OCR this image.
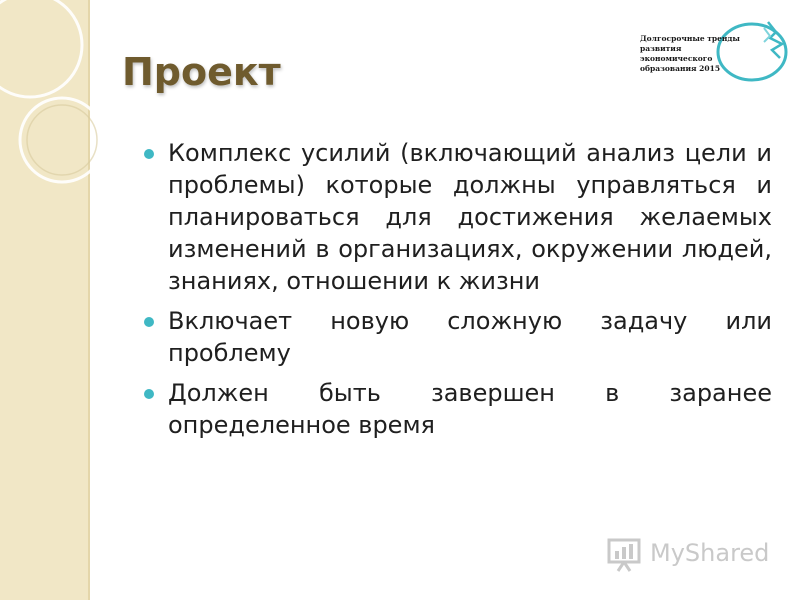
Проект

Долгосрочные тренды
развития
экономического
образования 2015

Комплекс усилий (включающий анализ цели и проблемы) которые должны управляться и планироваться для достижения желаемых изменений в организациях, окружении людей, знаниях, отношении к жизни
Включает новую сложную задачу или проблему
Должен быть завершен в заранее определенное время
MyShared
